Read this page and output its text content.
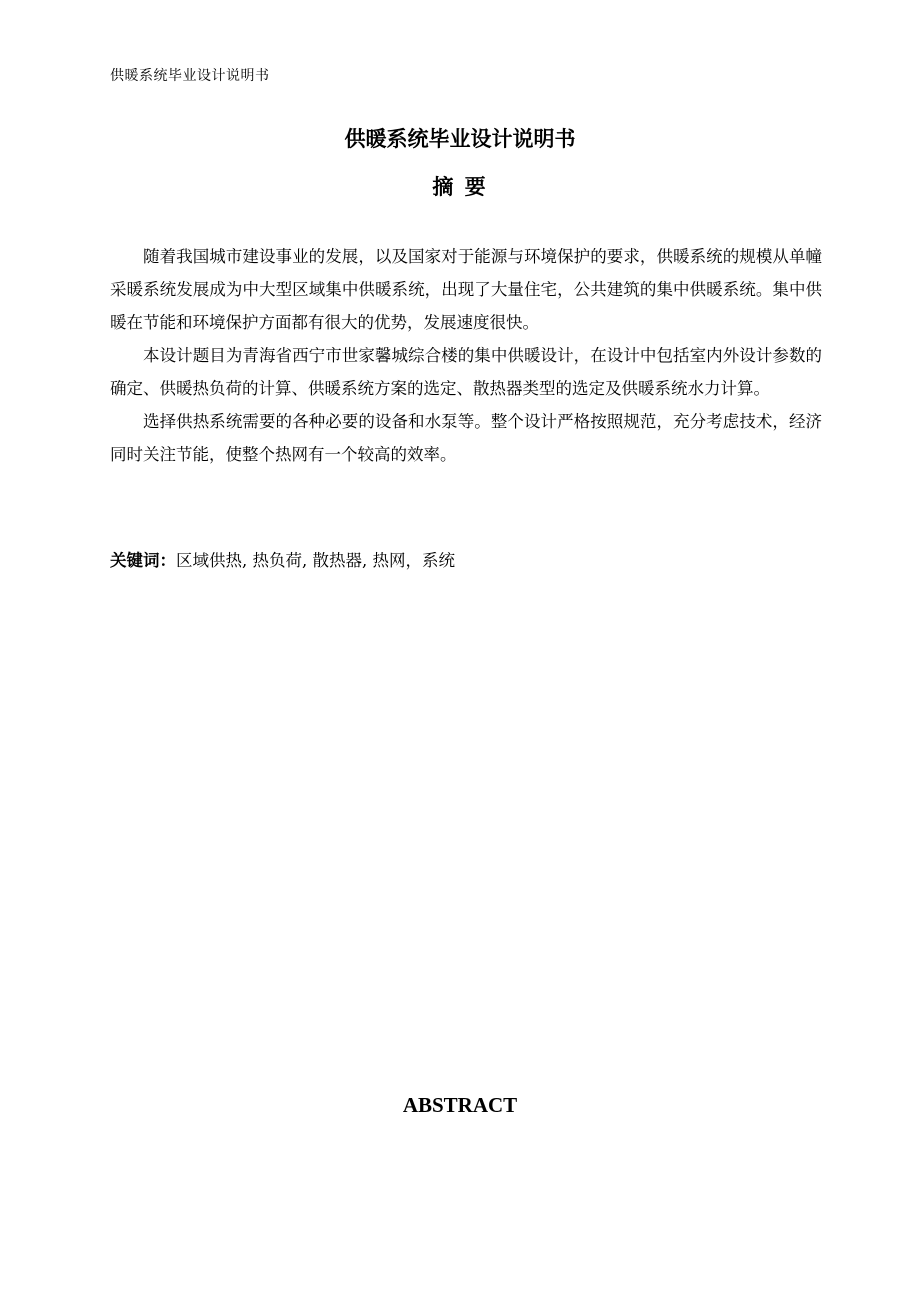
供暖系统毕业设计说明书
供暖系统毕业设计说明书
摘 要

随着我国城市建设事业的发展，以及国家对于能源与环境保护的要求，供暖系统的规模从单幢采暖系统发展成为中大型区域集中供暖系统，出现了大量住宅，公共建筑的集中供暖系统。集中供暖在节能和环境保护方面都有很大的优势，发展速度很快。

本设计题目为青海省西宁市世家馨城综合楼的集中供暖设计，在设计中包括室内外设计参数的确定、供暖热负荷的计算、供暖系统方案的选定、散热器类型的选定及供暖系统水力计算。

选择供热系统需要的各种必要的设备和水泵等。整个设计严格按照规范，充分考虑技术，经济同时关注节能，使整个热网有一个较高的效率。

关键词：区域供热, 热负荷, 散热器, 热网，系统
ABSTRACT
